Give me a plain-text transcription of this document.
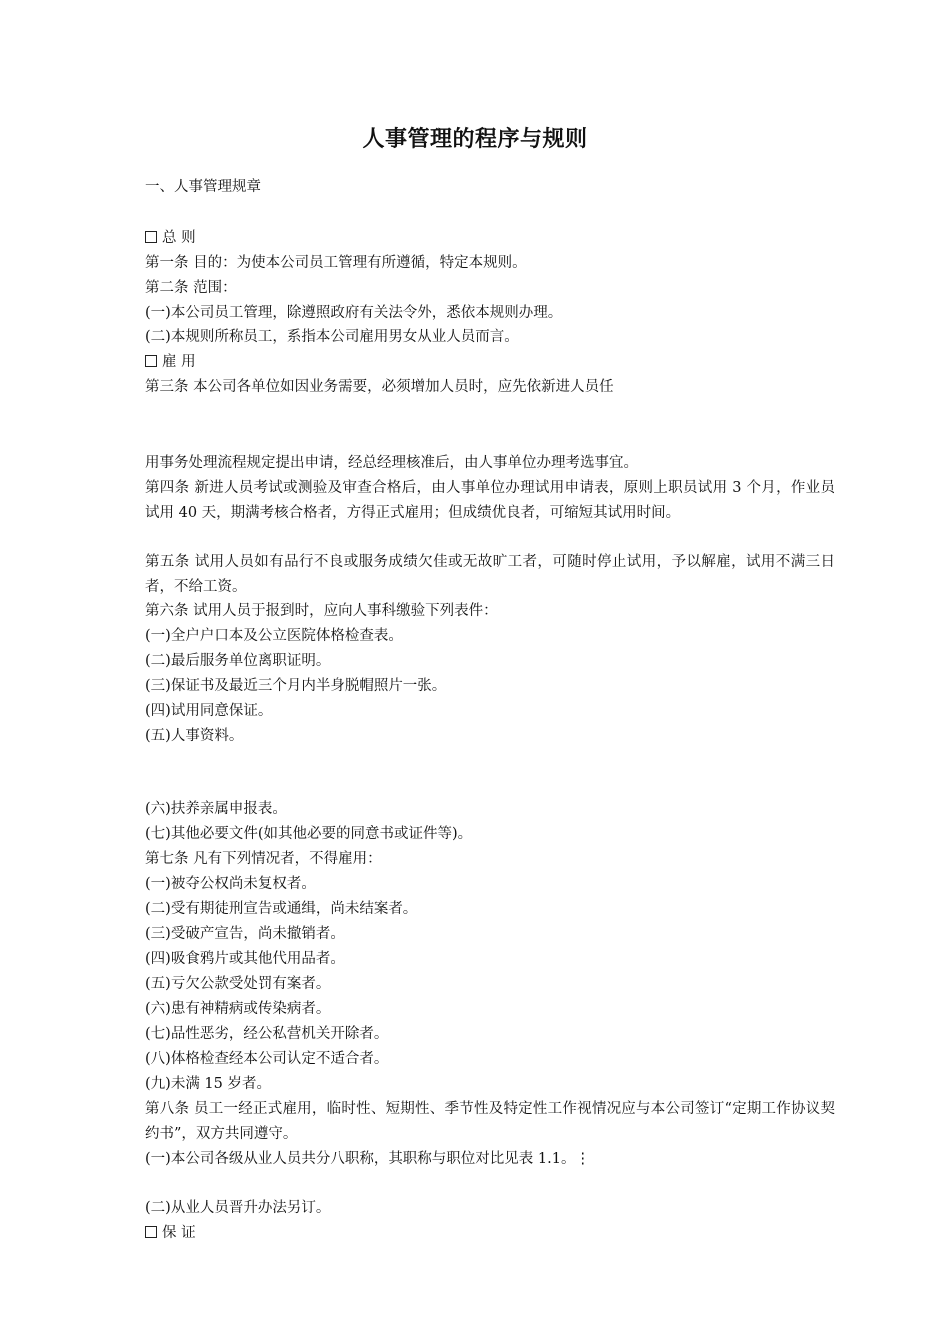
人事管理的程序与规则
一、人事管理规章
总 则
第一条 目的：为使本公司员工管理有所遵循，特定本规则。
第二条 范围：
(一)本公司员工管理，除遵照政府有关法令外，悉依本规则办理。
(二)本规则所称员工，系指本公司雇用男女从业人员而言。
雇 用
第三条 本公司各单位如因业务需要，必须增加人员时，应先依新进人员任
用事务处理流程规定提出申请，经总经理核准后，由人事单位办理考选事宜。
第四条 新进人员考试或测验及审查合格后，由人事单位办理试用申请表，原则上职员试用 3 个月，作业员试用 40 天，期满考核合格者，方得正式雇用；但成绩优良者，可缩短其试用时间。
第五条 试用人员如有品行不良或服务成绩欠佳或无故旷工者，可随时停止试用，予以解雇，试用不满三日者，不给工资。
第六条 试用人员于报到时，应向人事科缴验下列表件：
(一)全户户口本及公立医院体格检查表。
(二)最后服务单位离职证明。
(三)保证书及最近三个月内半身脱帽照片一张。
(四)试用同意保证。
(五)人事资料。
(六)扶养亲属申报表。
(七)其他必要文件(如其他必要的同意书或证件等)。
第七条 凡有下列情况者，不得雇用：
(一)被夺公权尚未复权者。
(二)受有期徒刑宣告或通缉，尚未结案者。
(三)受破产宣告，尚未撤销者。
(四)吸食鸦片或其他代用品者。
(五)亏欠公款受处罚有案者。
(六)患有神精病或传染病者。
(七)品性恶劣，经公私营机关开除者。
(八)体格检查经本公司认定不适合者。
(九)未满 15 岁者。
第八条 员工一经正式雇用，临时性、短期性、季节性及特定性工作视情况应与本公司签订“定期工作协议契约书”，双方共同遵守。
(一)本公司各级从业人员共分八职称，其职称与职位对比见表 1.1。⋮
(二)从业人员晋升办法另订。
保 证
